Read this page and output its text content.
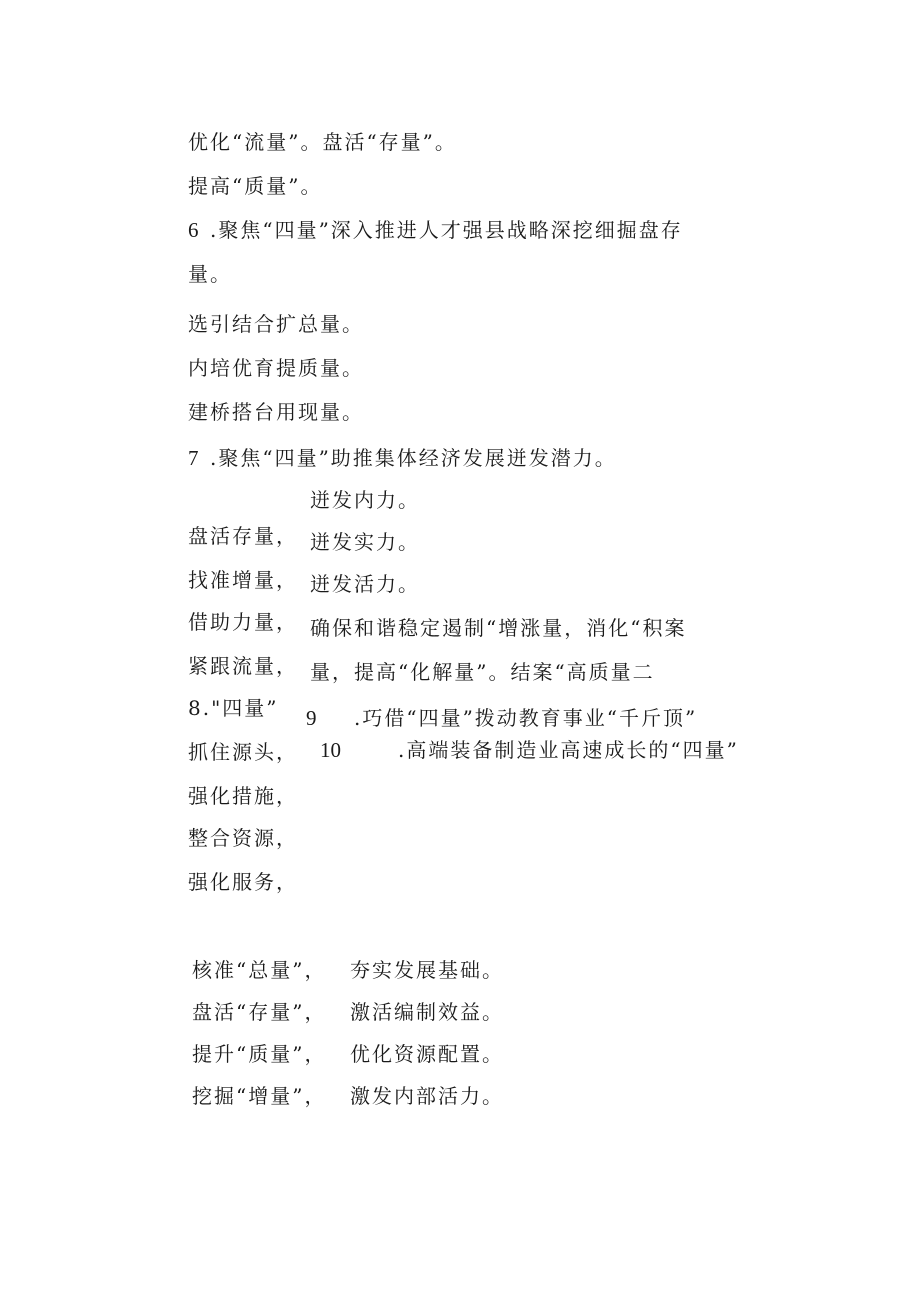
优化“流量”。盘活“存量”。
提高“质量”。
6 .聚焦“四量”深入推进人才强县战略深挖细掘盘存
量。
选引结合扩总量。
内培优育提质量。
建桥搭台用现量。
7 .聚焦“四量”助推集体经济发展迸发潜力。
盘活存量，
找准增量，
借助力量，
紧跟流量，
8."四量”
抓住源头，
强化措施，
整合资源，
强化服务，
迸发内力。
迸发实力。
迸发活力。
确保和谐稳定遏制“增涨量，消化“积案
量，提高“化解量”。结案“高质量二
9 .巧借“四量”拨动教育事业“千斤顶”
10	.高端装备制造业高速成长的“四量”
核准“总量”， 夯实发展基础。
盘活“存量”， 激活编制效益。
提升“质量”， 优化资源配置。
挖掘“增量”， 激发内部活力。
